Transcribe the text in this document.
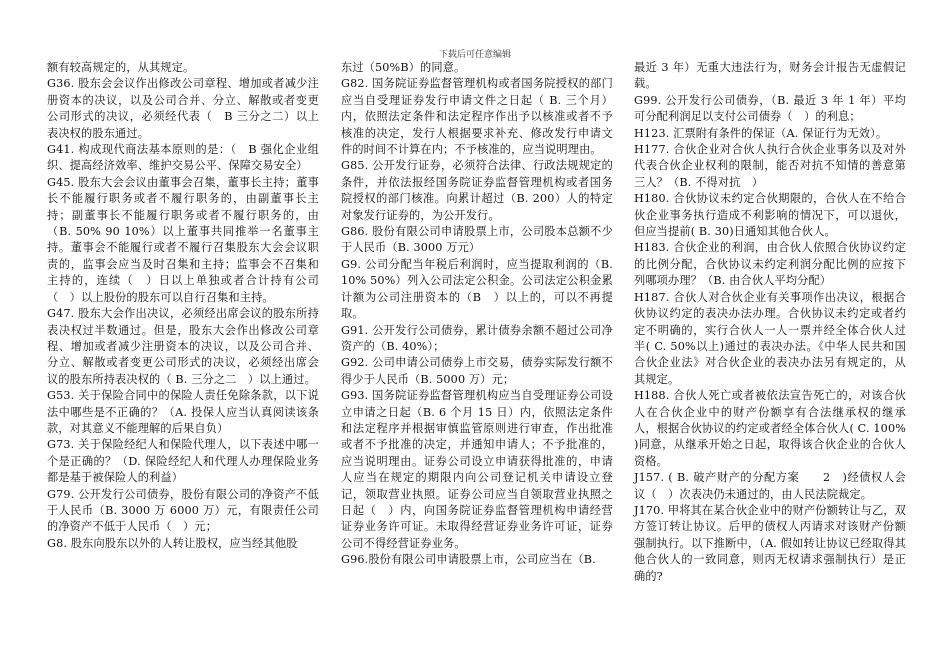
下载后可任意编辑

额有较高规定的，从其规定。

G36. 股东会会议作出修改公司章程、增加或者减少注册资本的决议，以及公司合并、分立、解散或者变更公司形式的决议，必须经代表（　B 三分之二）以上表决权的股东通过。

G41. 构成现代商法基本原则的是：（　B 强化企业组织、提高经济效率、维护交易公平、保障交易安全）

G45. 股东大会会议由董事会召集，董事长主持；董事长不能履行职务或者不履行职务的，由副董事长主持；副董事长不能履行职务或者不履行职务的，由（B. 50% 90 10%）以上董事共同推举一名董事主持。董事会不能履行或者不履行召集股东大会会议职责的，监事会应当及时召集和主持；监事会不召集和主持的，连续（　）日以上单独或者合计持有公司（　）以上股份的股东可以自行召集和主持。

G47. 股东大会作出决议，必须经出席会议的股东所持表决权过半数通过。但是，股东大会作出修改公司章程、增加或者减少注册资本的决议，以及公司合并、分立、解散或者变更公司形式的决议，必须经出席会议的股东所持表决权的（ B. 三分之二　）以上通过。

G53. 关于保险合同中的保险人责任免除条款，以下说法中哪些是不正确的？（A. 投保人应当认真阅读该条款，对其意义不能理解的后果自负）

G73. 关于保险经纪人和保险代理人，以下表述中哪一个是正确的？（D. 保险经纪人和代理人办理保险业务都是基于被保险人的利益）

G79. 公开发行公司债券，股份有限公司的净资产不低于人民币（B. 3000 万 6000 万）元，有限责任公司的净资产不低于人民币（　）元；

G8. 股东向股东以外的人转让股权，应当经其他股

东过（50%B）的同意。

G82. 国务院证券监督管理机构或者国务院授权的部门应当自受理证券发行申请文件之日起（ B. 三个月）内，依照法定条件和法定程序作出予以核准或者不予核准的决定，发行人根据要求补充、修改发行申请文件的时间不计算在内；不予核准的，应当说明理由。

G85. 公开发行证券，必须符合法律、行政法规规定的条件，并依法报经国务院证券监督管理机构或者国务院授权的部门核准。向累计超过（B. 200）人的特定对象发行证券的，为公开发行。

G86. 股份有限公司申请股票上市，公司股本总额不少于人民币（B. 3000 万元）

G9. 公司分配当年税后利润时，应当提取利润的（B. 10% 50%）列入公司法定公积金。公司法定公积金累计额为公司注册资本的（B　）以上的，可以不再提取。

G91. 公开发行公司债券，累计债券余额不超过公司净资产的（B. 40%）；

G92. 公司申请公司债券上市交易，债券实际发行额不得少于人民币（B. 5000 万）元；

G93. 国务院证券监督管理机构应当自受理证券公司设立申请之日起（B. 6 个月 15 日）内，依照法定条件和法定程序并根据审慎监管原则进行审查，作出批准或者不予批准的决定，并通知申请人；不予批准的，应当说明理由。证券公司设立申请获得批准的，申请人应当在规定的期限内向公司登记机关申请设立登记，领取营业执照。证券公司应当自领取营业执照之日起（　）内，向国务院证券监督管理机构申请经营证券业务许可证。未取得经营证券业务许可证，证券公司不得经营证券业务。

G96.股份有限公司申请股票上市，公司应当在（B.

最近 3 年）无重大违法行为，财务会计报告无虚假记载。

G99. 公开发行公司债券，（B. 最近 3 年 1 年）平均可分配利润足以支付公司债券（　）的利息；

H123. 汇票附有条件的保证（A. 保证行为无效）。

H177. 合伙企业对合伙人执行合伙企业事务以及对外代表合伙企业权利的限制，能否对抗不知情的善意第三人？（B. 不得对抗　）

H180. 合伙协议未约定合伙期限的，合伙人在不给合伙企业事务执行造成不利影响的情况下，可以退伙，但应当提前( B. 30)日通知其他合伙人。

H183. 合伙企业的利润，由合伙人依照合伙协议约定的比例分配，合伙协议未约定利润分配比例的应按下列哪项办理？（B. 由合伙人平均分配）

H187. 合伙人对合伙企业有关事项作出决议，根据合伙协议约定的表决办法办理。合伙协议未约定或者约定不明确的，实行合伙人一人一票并经全体合伙人过半( C. 50%以上)通过的表决办法。《中华人民共和国合伙企业法》对合伙企业的表决办法另有规定的，从其规定。

H188. 合伙人死亡或者被依法宣告死亡的，对该合伙人在合伙企业中的财产份额享有合法继承权的继承人，根据合伙协议的约定或者经全体合伙人( C. 100% )同意，从继承开始之日起，取得该合伙企业的合伙人资格。

J157. ( B. 破产财产的分配方案　　2　)经债权人会议（　）次表决仍未通过的，由人民法院裁定。

J170. 甲将其在某合伙企业中的财产份额转让与乙，双方签订转让协议。后甲的债权人丙请求对该财产份额强制执行。以下推断中，（A. 假如转让协议已经取得其他合伙人的一致同意，则丙无权请求强制执行）是正确的?
